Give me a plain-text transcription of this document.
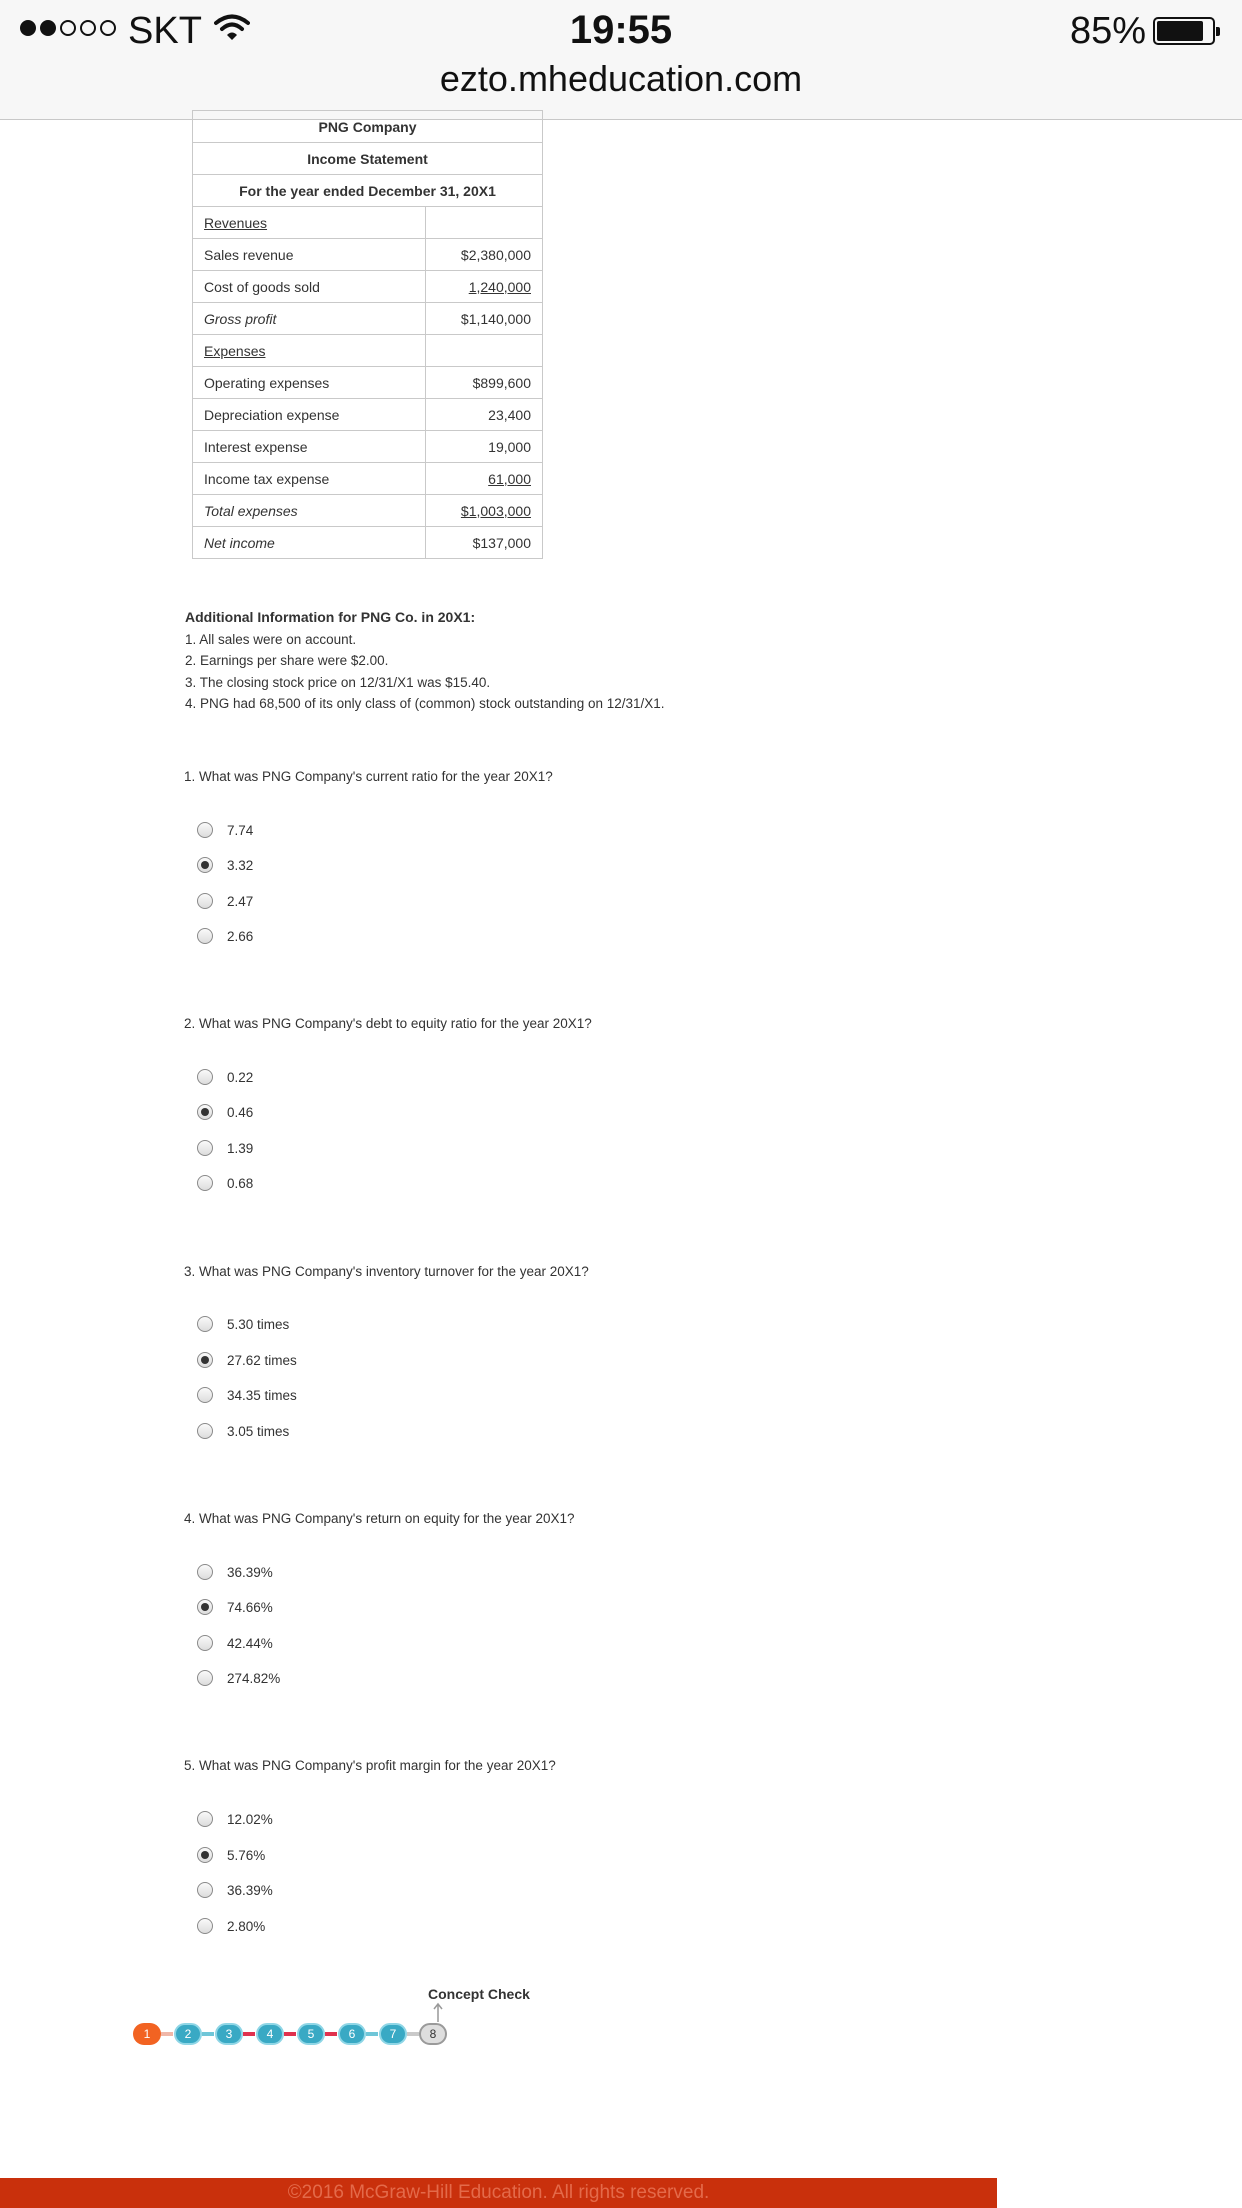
SKT	19:55	85%
ezto.mheducation.com
PNG Company	
Income Statement	
For the year ended December 31, 20X1	
Revenues	
Sales revenue	$2,380,000
Cost of goods sold	1,240,000
Gross profit	$1,140,000
Expenses	
Operating expenses	$899,600
Depreciation expense	23,400
Interest expense	19,000
Income tax expense	61,000
Total expenses	$1,003,000
Net income	$137,000
Additional Information for PNG Co. in 20X1:
1. All sales were on account.
2. Earnings per share were $2.00.
3. The closing stock price on 12/31/X1 was $15.40.
4. PNG had 68,500 of its only class of (common) stock outstanding on 12/31/X1.
1. What was PNG Company's current ratio for the year 20X1?
7.74
3.32
2.47
2.66
2. What was PNG Company's debt to equity ratio for the year 20X1?
0.22
0.46
1.39
0.68
3. What was PNG Company's inventory turnover for the year 20X1?
5.30 times
27.62 times
34.35 times
3.05 times
4. What was PNG Company's return on equity for the year 20X1?
36.39%
74.66%
42.44%
274.82%
5. What was PNG Company's profit margin for the year 20X1?
12.02%
5.76%
36.39%
2.80%
Concept Check
1	2	3	4	5	6	7	8
©2016 McGraw-Hill Education. All rights reserved.
